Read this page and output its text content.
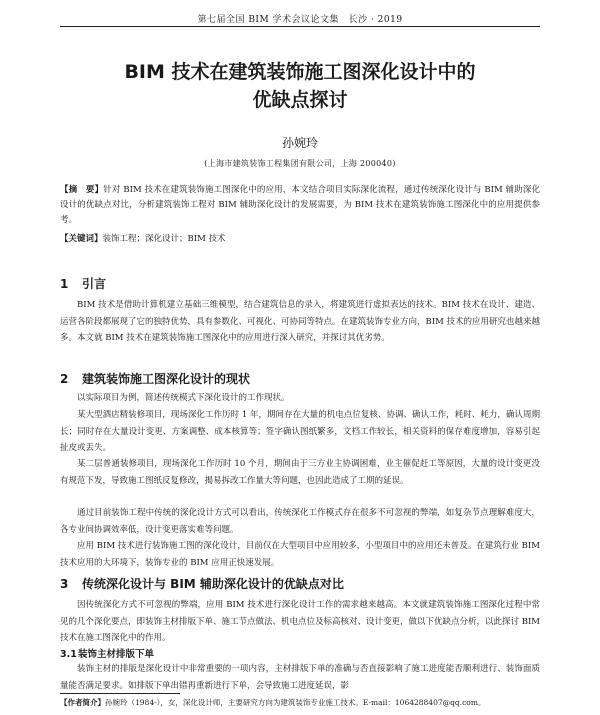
第七届全国 BIM 学术会议论文集　长沙 · 2019
BIM 技术在建筑装饰施工图深化设计中的
优缺点探讨
孙婉玲
(上海市建筑装饰工程集团有限公司，上海 200040)
【摘　要】针对 BIM 技术在建筑装饰施工图深化中的应用，本文结合项目实际深化流程，通过传统深化设计与 BIM 辅助深化设计的优缺点对比，分析建筑装饰工程对 BIM 辅助深化设计的发展需要，为 BIM 技术在建筑装饰施工图深化中的应用提供参考。
【关键词】装饰工程；深化设计；BIM 技术
1 引言

BIM 技术是借助计算机建立基础三维模型，结合建筑信息的录入，将建筑进行虚拟表达的技术。BIM 技术在设计、建造、运营各阶段都展现了它的独特优势，具有参数化、可视化、可协同等特点。在建筑装饰专业方向，BIM 技术的应用研究也越来越多。本文就 BIM 技术在建筑装饰施工图深化中的应用进行深入研究，并探讨其优劣势。

2 建筑装饰施工图深化设计的现状

以实际项目为例，简述传统模式下深化设计的工作现状。

某大型酒店精装修项目，现场深化工作历时 1 年，期间存在大量的机电点位复核、协调、确认工作，耗时、耗力，确认周期长；同时存在大量设计变更、方案调整、成本核算等；签字确认图纸繁多，文档工作较长，相关资料的保存难度增加，容易引起扯皮或丢失。

某二层普通装修项目，现场深化工作历时 10 个月，期间由于三方业主协调困难，业主催促赶工等原因，大量的设计变更没有规范下发，导致施工图纸反复修改，揭易拆改工作量大等问题，也因此造成了工期的延误。

通过目前装饰工程中传统的深化设计方式可以看出，传统深化工作模式存在很多不可忽视的弊端，如复杂节点理解难度大，各专业间协调效率低，设计变更落实难等问题。

应用 BIM 技术进行装饰施工图的深化设计，目前仅在大型项目中应用较多，小型项目中的应用还未普及。在建筑行业 BIM 技术应用的大环境下，装饰专业的 BIM 应用正快速发展。

3 传统深化设计与 BIM 辅助深化设计的优缺点对比

因传统深化方式不可忽视的弊端，应用 BIM 技术进行深化设计工作的需求越来越高。本文就建筑装饰施工图深化过程中常见的几个深化要点，即装饰主材排版下单、施工节点做法、机电点位及标高核对、设计变更，做以下优缺点分析，以此探讨 BIM 技术在施工图深化中的作用。

3.1装饰主材排版下单

装饰主材的排版是深化设计中非常重要的一项内容，主材排版下单的准确与否直接影响了施工进度能否顺利进行、装饰面质量能否满足要求。如排版下单出错再重新进行下单，会导致施工进度延误，影

【作者简介】孙婉玲（1984-），女，深化设计师，主要研究方向为建筑装饰专业施工技术。E-mail：1064288407@qq.com。
